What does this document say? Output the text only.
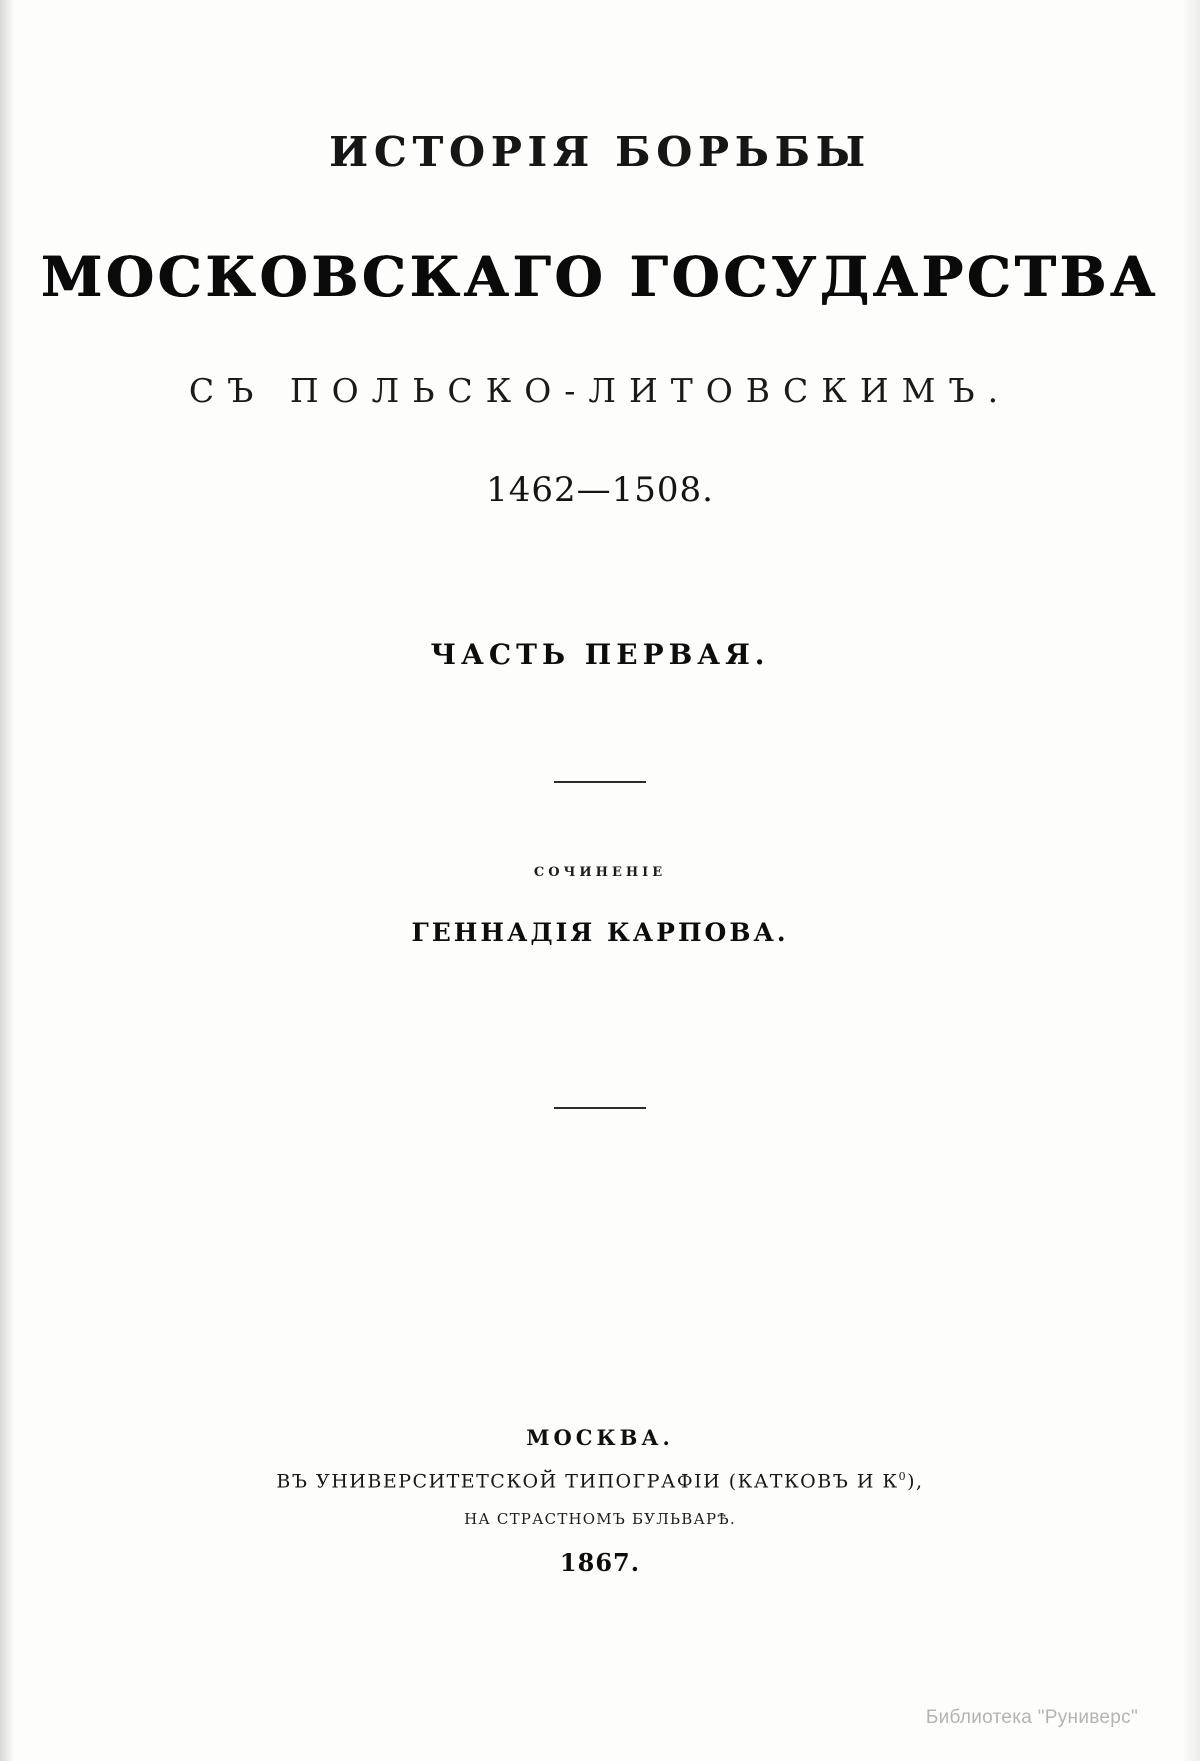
ИСТОРІЯ БОРЬБЫ
МОСКОВСКАГО ГОСУДАРСТВА
СЪ ПОЛЬСКО-ЛИТОВСКИМЪ.
1462—1508.
ЧАСТЬ ПЕРВАЯ.
СОЧИНЕНІЕ
ГЕННАДІЯ КАРПОВА.
МОСКВА.
ВЪ УНИВЕРСИТЕТСКОЙ ТИПОГРАФІИ (КАТКОВЪ И $К^0$),
НА СТРАСТНОМЪ БУЛЬВАРѢ.
1867.
Библиотека "Руниверс"
